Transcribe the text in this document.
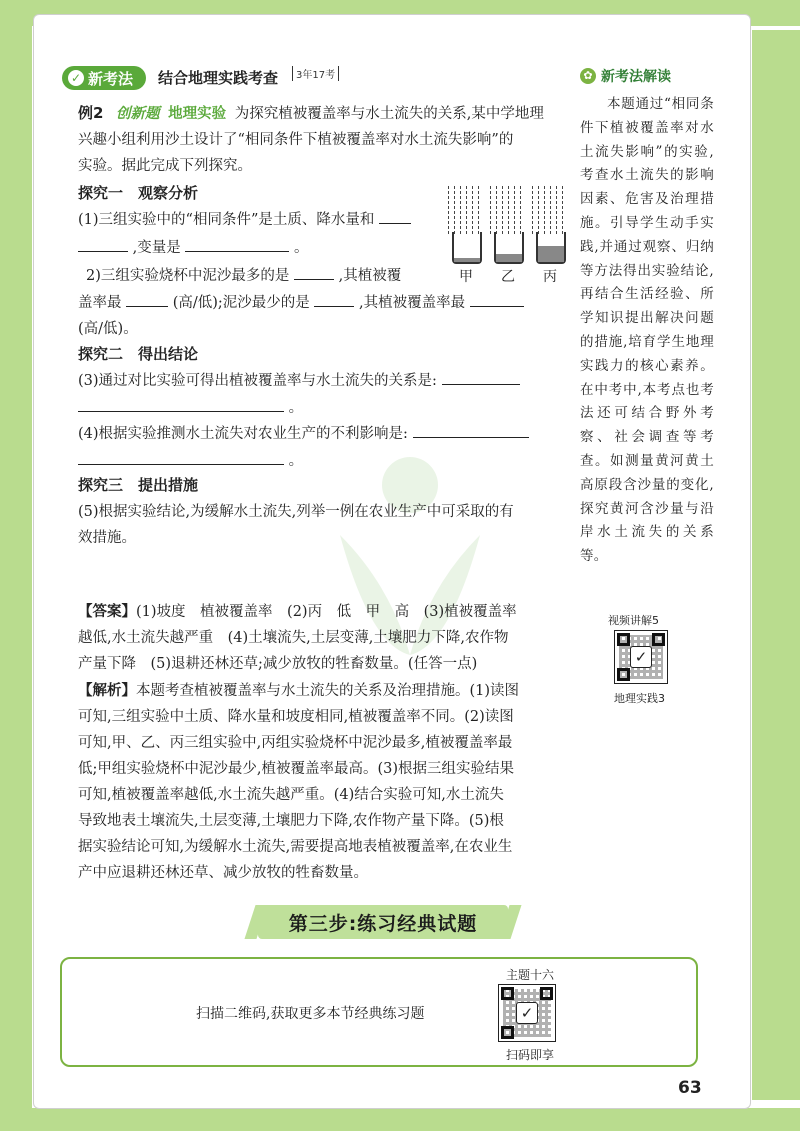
✓ 新考法 结合地理实践考查	3年17考
例2 创新题 地理实验 为探究植被覆盖率与水土流失的关系,某中学地理
兴趣小组利用沙土设计了“相同条件下植被覆盖率对水土流失影响”的
实验。据此完成下列探究。
探究一　观察分析
(1)三组实验中的“相同条件”是土质、降水量和
,变量是	。
2)三组实验烧杯中泥沙最多的是	,其植被覆
盖率最	(高/低);泥沙最少的是	,其植被覆盖率最
(高/低)。
探究二　得出结论
(3)通过对比实验可得出植被覆盖率与水土流失的关系是:
。
(4)根据实验推测水土流失对农业生产的不利影响是:
。
探究三　提出措施
(5)根据实验结论,为缓解水土流失,列举一例在农业生产中可采取的有
效措施。
【答案】(1)坡度　植被覆盖率　(2)丙　低　甲　高　(3)植被覆盖率
越低,水土流失越严重　(4)土壤流失,土层变薄,土壤肥力下降,农作物
产量下降　(5)退耕还林还草;减少放牧的牲畜数量。(任答一点)
【解析】本题考查植被覆盖率与水土流失的关系及治理措施。(1)读图
可知,三组实验中土质、降水量和坡度相同,植被覆盖率不同。(2)读图
可知,甲、乙、丙三组实验中,丙组实验烧杯中泥沙最多,植被覆盖率最
低;甲组实验烧杯中泥沙最少,植被覆盖率最高。(3)根据三组实验结果
可知,植被覆盖率越低,水土流失越严重。(4)结合实验可知,水土流失
导致地表土壤流失,土层变薄,土壤肥力下降,农作物产量下降。(5)根
据实验结论可知,为缓解水土流失,需要提高地表植被覆盖率,在农业生
产中应退耕还林还草、减少放牧的牲畜数量。
甲 乙 丙
✿ 新考法解读
本题通过“相同条件下植被覆盖率对水土流失影响”的实验,考查水土流失的影响因素、危害及治理措施。引导学生动手实践,并通过观察、归纳等方法得出实验结论,再结合生活经验、所学知识提出解决问题的措施,培育学生地理实践力的核心素养。在中考中,本考点也考法还可结合野外考察、社会调查等考查。如测量黄河黄土高原段含沙量的变化,探究黄河含沙量与沿岸水土流失的关系等。
视频讲解5
✓
地理实践3
第三步:练习经典试题
扫描二维码,获取更多本节经典练习题
主题十六
✓
扫码即享
63
